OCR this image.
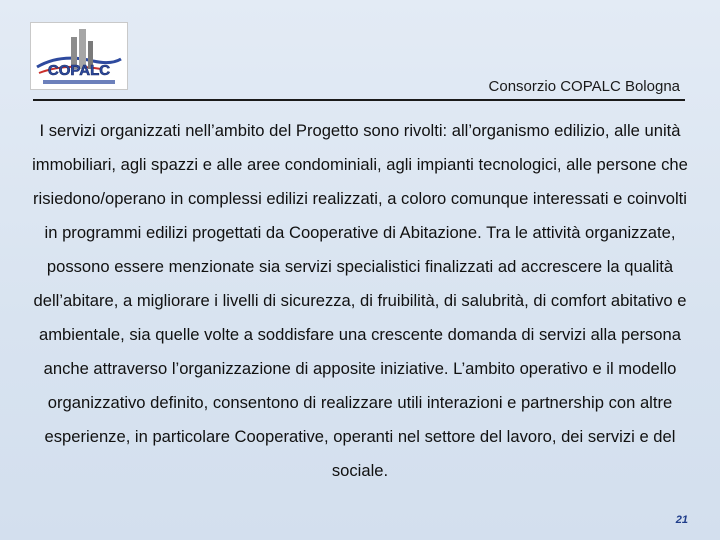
COPALC
Consorzio COPALC Bologna

I servizi organizzati nell’ambito del Progetto sono rivolti: all’organismo edilizio, alle unità immobiliari, agli spazzi e alle aree condominiali, agli impianti tecnologici, alle persone che risiedono/operano in complessi edilizi realizzati, a coloro comunque interessati e coinvolti in programmi edilizi progettati da Cooperative di Abitazione. Tra le attività organizzate, possono essere menzionate sia servizi specialistici finalizzati ad accrescere la qualità dell’abitare, a migliorare i livelli di sicurezza, di fruibilità, di salubrità, di comfort abitativo e ambientale, sia quelle volte a soddisfare una crescente domanda di servizi alla persona anche attraverso l’organizzazione di apposite iniziative. L’ambito operativo e il modello organizzativo definito, consentono di realizzare utili interazioni e partnership con altre esperienze, in particolare Cooperative, operanti nel settore del lavoro, dei servizi e del sociale.

21
